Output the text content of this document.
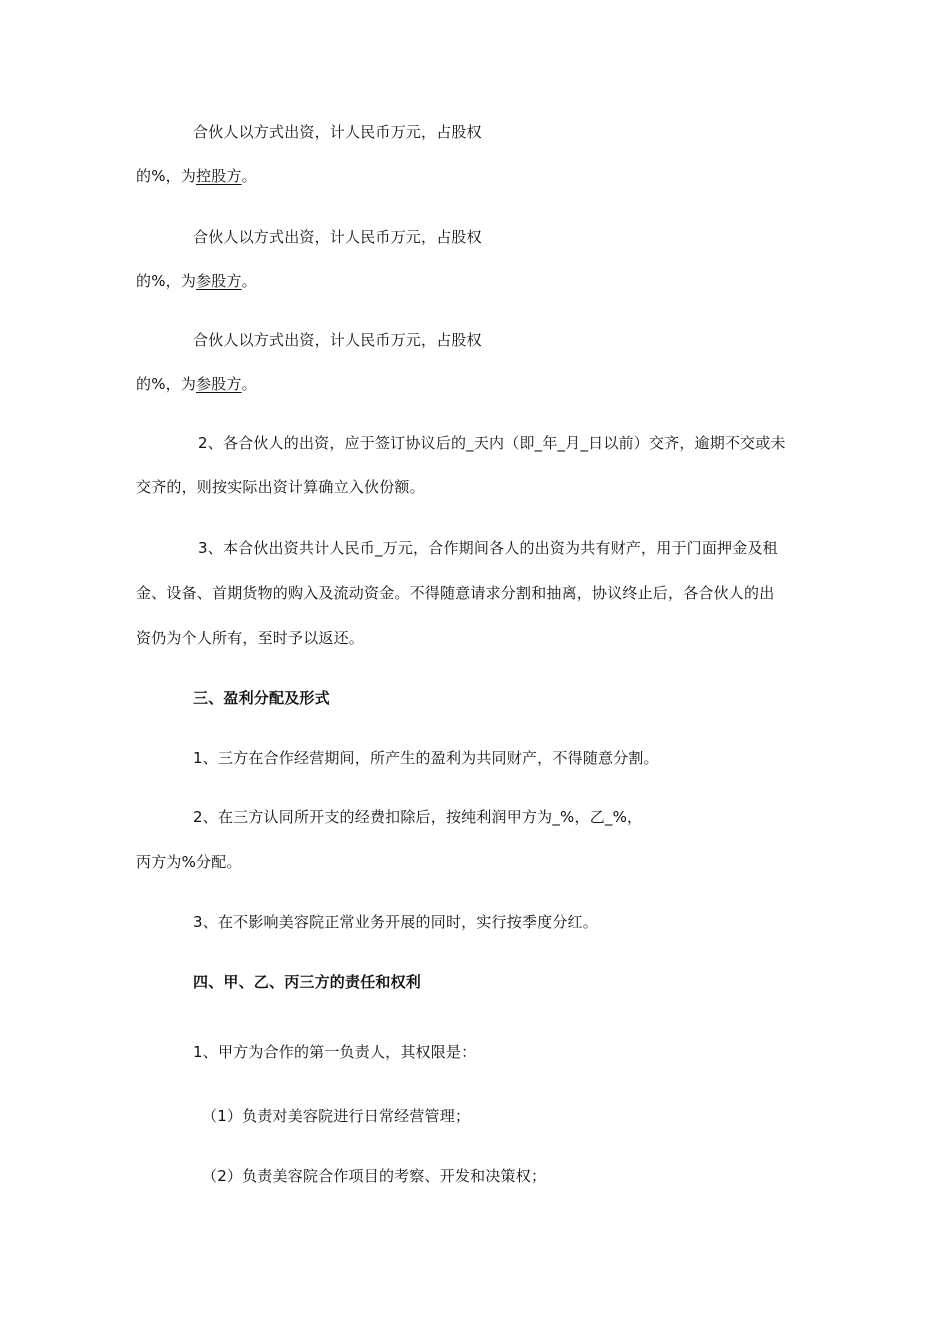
合伙人以方式出资，计人民币万元，占股权
的%，为控股方。
合伙人以方式出资，计人民币万元，占股权
的%，为参股方。
合伙人以方式出资，计人民币万元，占股权
的%，为参股方。
2、各合伙人的出资，应于签订协议后的_天内（即_年_月_日以前）交齐，逾期不交或未
交齐的，则按实际出资计算确立入伙份额。
3、本合伙出资共计人民币_万元，合作期间各人的出资为共有财产，用于门面押金及租
金、设备、首期货物的购入及流动资金。不得随意请求分割和抽离，协议终止后，各合伙人的出
资仍为个人所有，至时予以返还。
三、盈利分配及形式
1、三方在合作经营期间，所产生的盈利为共同财产，不得随意分割。
2、在三方认同所开支的经费扣除后，按纯利润甲方为_%，乙_%，
丙方为%分配。
3、在不影响美容院正常业务开展的同时，实行按季度分红。
四、甲、乙、丙三方的责任和权利
1、甲方为合作的第一负责人，其权限是：
（1）负责对美容院进行日常经营管理；
（2）负责美容院合作项目的考察、开发和决策权；
